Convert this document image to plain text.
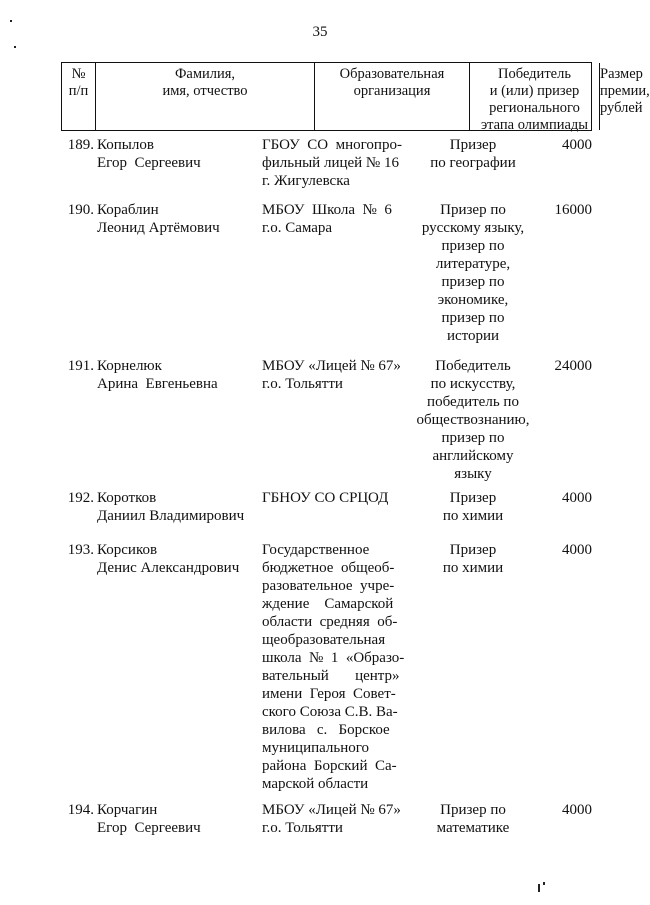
35
№
п/п
Фамилия,
имя, отчество
Образовательная
организация
Победитель
и (или) призер
регионального
этапа олимпиады
Размер
премии,
рублей
189. Копылов
Егор  Сергеевич
ГБОУ  СО  многопро-
фильный лицей № 16
г. Жигулевска
Призер
по географии
4000
190. Кораблин
Леонид Артёмович
МБОУ  Школа  №  6
г.о. Самара
Призер по
русскому языку,
призер по
литературе,
призер по
экономике,
призер по
истории
16000
191. Корнелюк
Арина  Евгеньевна
МБОУ «Лицей № 67»
г.о. Тольятти
Победитель
по искусству,
победитель по
обществознанию,
призер по
английскому
языку
24000
192. Коротков
Даниил Владимирович
ГБНОУ СО СРЦОД	Призер
по химии
4000
193. Корсиков
Денис Александрович
Государственное
бюджетное  общеоб-
разовательное  учре-
ждение    Самарской
области  средняя  об-
щеобразовательная
школа  №  1  «Образо-
вательный       центр»
имени  Героя  Совет-
ского Союза С.В. Ва-
вилова   с.   Борское
муниципального
района  Борский  Са-
марской области
Призер
по химии
4000
194. Корчагин
Егор  Сергеевич
МБОУ «Лицей № 67»
г.о. Тольятти
Призер по
математике
4000
